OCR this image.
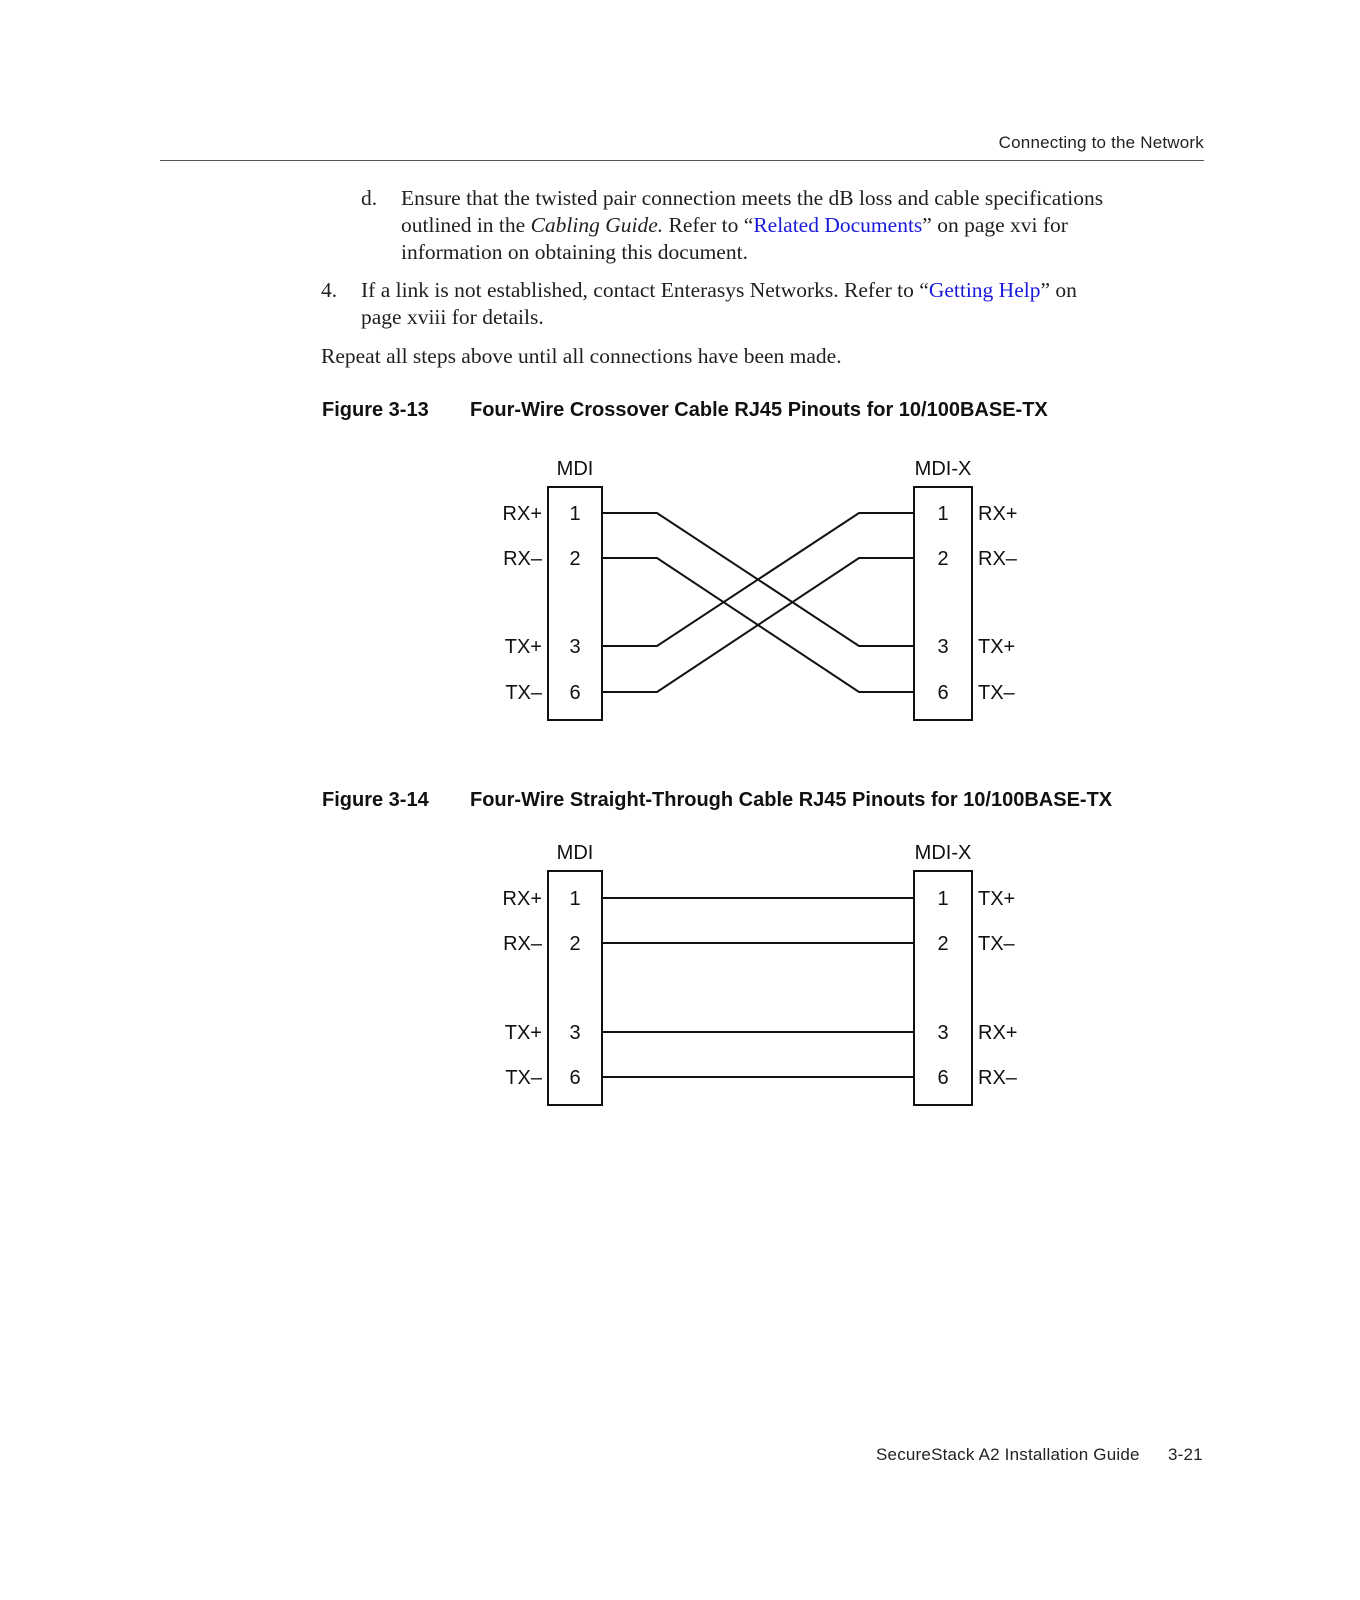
Connecting to the Network
d. Ensure that the twisted pair connection meets the dB loss and cable specifications
outlined in the Cabling Guide. Refer to “Related Documents” on page xvi for
information on obtaining this document.
4. If a link is not established, contact Enterasys Networks. Refer to “Getting Help” on
page xviii for details.
Repeat all steps above until all connections have been made.
Figure 3-13 Four-Wire Crossover Cable RJ45 Pinouts for 10/100BASE-TX
Figure 3-14 Four-Wire Straight-Through Cable RJ45 Pinouts for 10/100BASE-TX
MDI	MDI-X
RX+ 1	1 RX+
RX– 2	2 RX–
TX+ 3	3 TX+
TX– 6	6 TX–
MDI	MDI-X
RX+ 1	1 TX+
RX– 2	2 TX–
TX+ 3	3 RX+
TX– 6	6 RX–
SecureStack A2 Installation Guide 3-21
